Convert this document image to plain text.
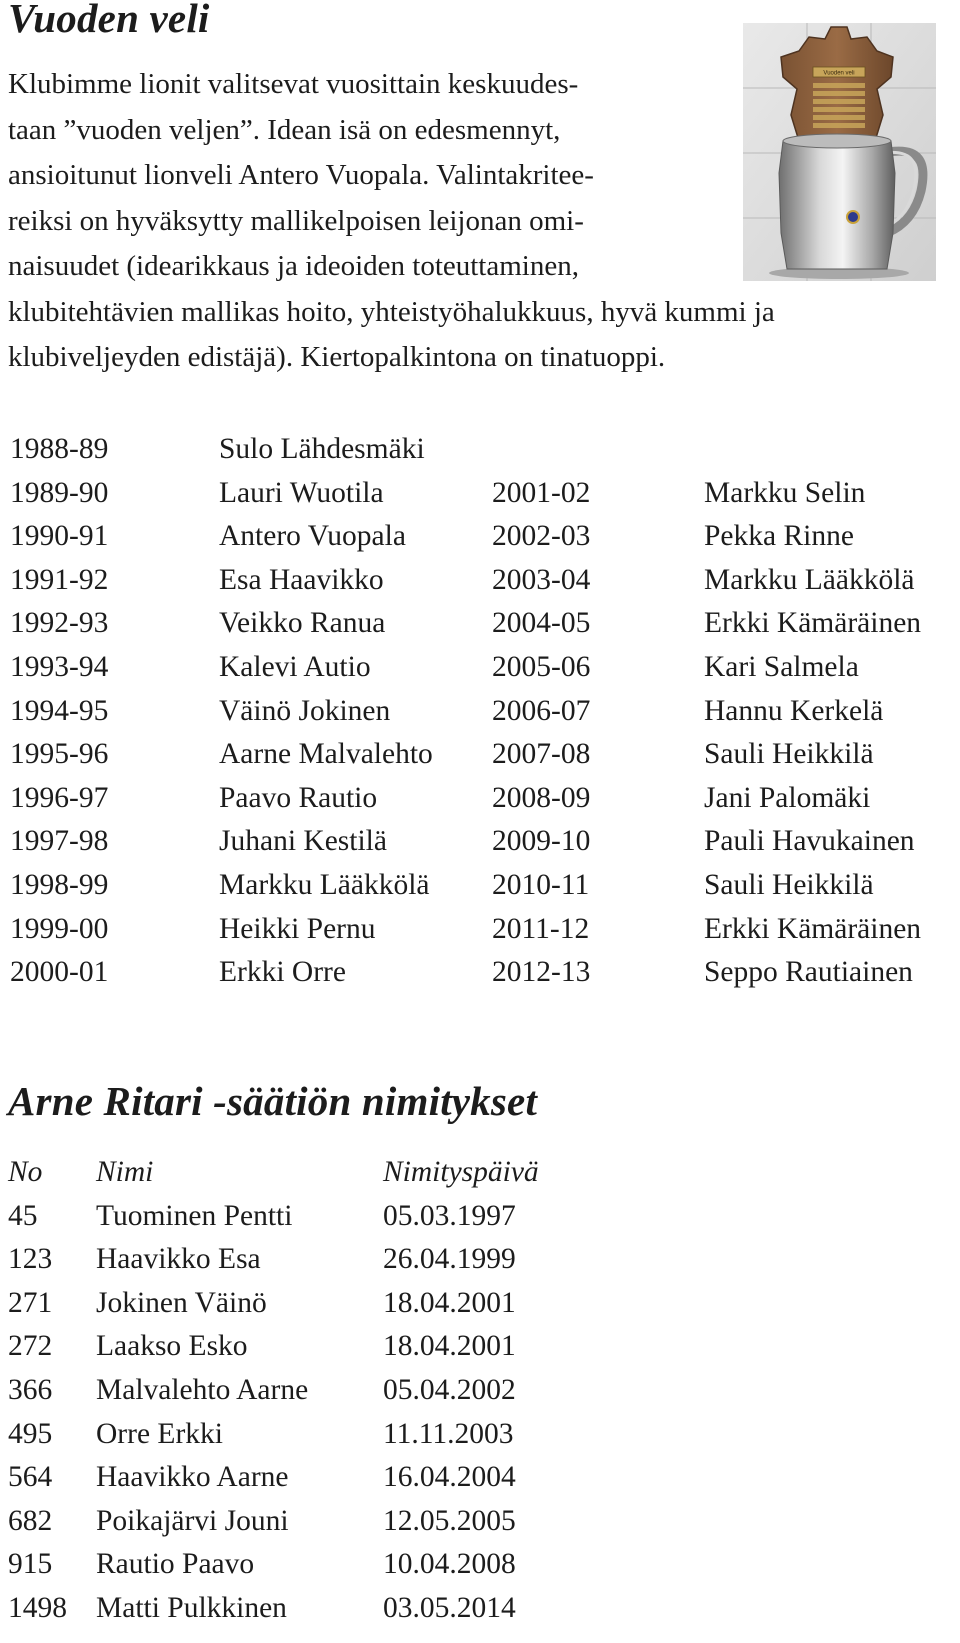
Vuoden veli
Vuoden veli

Klubimme lionit valitsevat vuosittain keskuudes-
taan ”vuoden veljen”. Idean isä on edesmennyt,
ansioitunut lionveli Antero Vuopala. Valintakritee-
reiksi on hyväksytty mallikelpoisen leijonan omi-
naisuudet (idearikkaus ja ideoiden toteuttaminen,
klubitehtävien mallikas hoito, yhteistyöhalukkuus, hyvä kummi ja
klubiveljeyden edistäjä). Kiertopalkintona on tinatuoppi.

1988-89	Sulo Lähdesmäki
1989-90	Lauri Wuotila	2001-02	Markku Selin
1990-91	Antero Vuopala	2002-03	Pekka Rinne
1991-92	Esa Haavikko	2003-04	Markku Lääkkölä
1992-93	Veikko Ranua	2004-05	Erkki Kämäräinen
1993-94	Kalevi Autio	2005-06	Kari Salmela
1994-95	Väinö Jokinen	2006-07	Hannu Kerkelä
1995-96	Aarne Malvalehto 2007-08	Sauli Heikkilä
1996-97	Paavo Rautio	2008-09	Jani Palomäki
1997-98	Juhani Kestilä	2009-10	Pauli Havukainen
1998-99	Markku Lääkkölä 2010-11	Sauli Heikkilä
1999-00	Heikki Pernu	2011-12	Erkki Kämäräinen
2000-01	Erkki Orre	2012-13	Seppo Rautiainen
Arne Ritari -säätiön nimitykset
No Nimi	Nimityspäivä
45 Tuominen Pentti	05.03.1997
123 Haavikko Esa	26.04.1999
271 Jokinen Väinö	18.04.2001
272 Laakso Esko	18.04.2001
366 Malvalehto Aarne	05.04.2002
495 Orre Erkki	11.11.2003
564 Haavikko Aarne	16.04.2004
682 Poikajärvi Jouni	12.05.2005
915 Rautio Paavo	10.04.2008
1498 Matti Pulkkinen	03.05.2014
